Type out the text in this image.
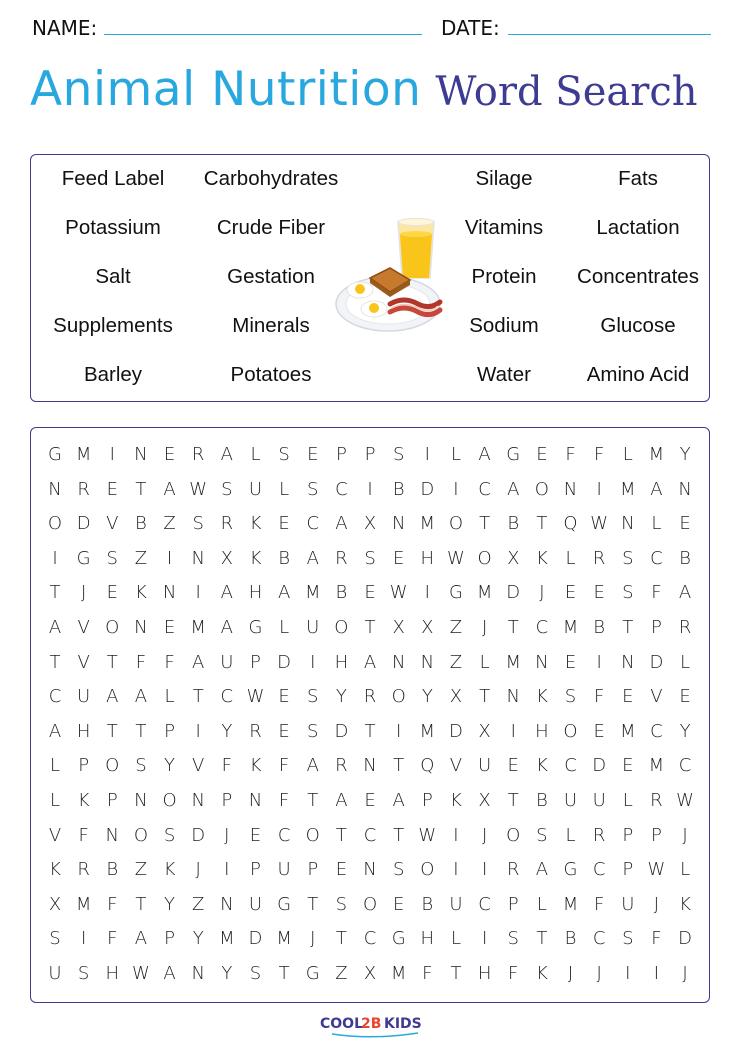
NAME:	DATE:
Animal Nutrition Word Search
Feed Label	Carbohydrates	Silage	Fats
Potassium	Crude Fiber	Vitamins	Lactation
Salt	Gestation	Protein	Concentrates
Supplements	Minerals	Sodium	Glucose
Barley	Potatoes	Water	Amino Acid
G M	I	N E R A L S E P P S	I	L A G E F	F	L M Y
N R E T A W S U L S C	I	B D	I	C A O N	I	M A N
O D V B Z S R K E C A X N M O T B T Q W N L E
I	G S Z	I	N X K B A R S E H W O X K L R S C B
T	J	E K N	I	A H A M B E W I	G M D	J	E E S F A
A V O N E M A G L U O T X X Z	J	T C M B T P R
T V T F	F A U P D	I	H A N N Z L M N E	I	N D L
C U A A L	T C W E S Y R O Y X T N K S F E V E
A H T T P	I	Y R E S D T	I	M D X	I	H O E M C Y
L	P O S Y V F K F A R N T Q V U E K C D E M C
L K P N O N P N F T A E A P K X T B U U L R W
V F N O S D	J	E C O T C T W I	J	O S L R P P	J
K R B Z K	J	I	P U P E N S O	I	I	R A G C P W L
X M F T Y Z N U G T S O E B U C P	L M F U	J	K
S	I	F A P Y M D M	J	T C G H L	I	S T B C S F D
U S H W A N Y S T G Z X M F T H F K	J	J	I	I	J
COOL
2B KIDS
